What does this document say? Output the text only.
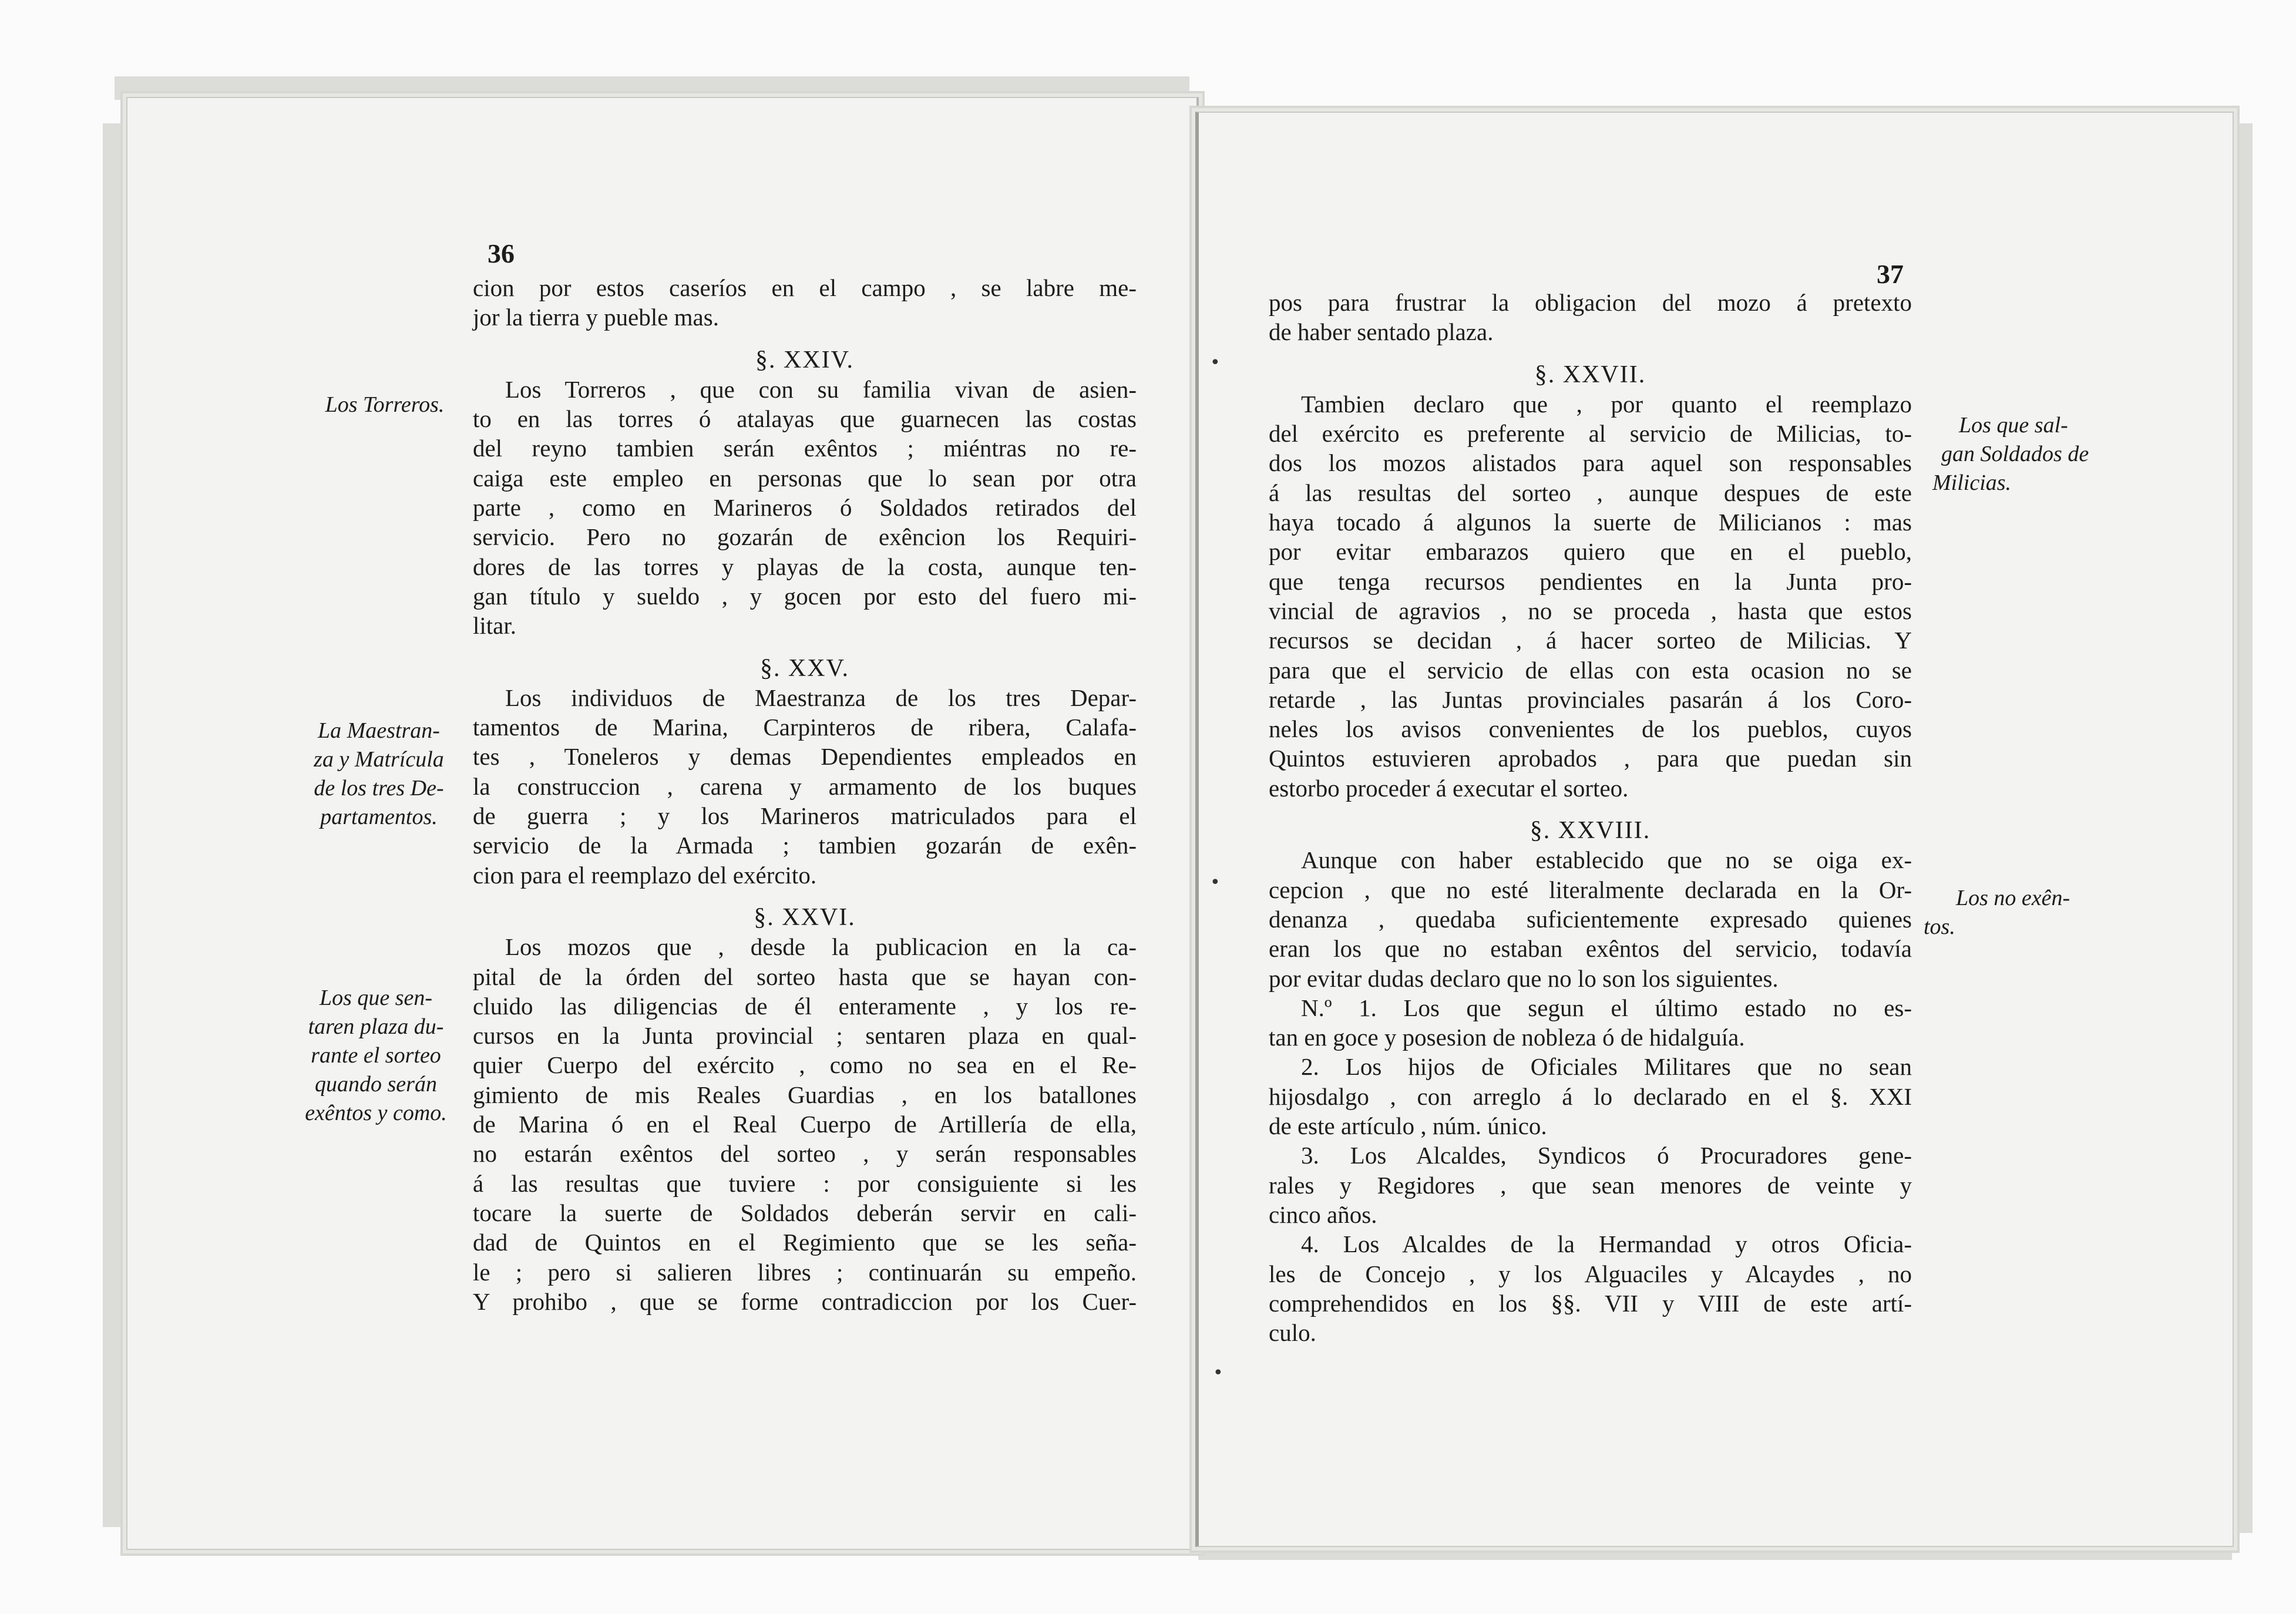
36
37
Los Torreros.
La Maestran-
za y Matrícula
de los tres De-
partamentos.
Los que sen-
taren plaza du-
rante el sorteo
quando serán
exêntos y como.
Los que sal-
gan Soldados de
Milicias.
Los no exên-
tos.
cion por estos caseríos en el campo , se labre me-
jor la tierra y pueble mas.
§. XXIV.
Los Torreros , que con su familia vivan de asien-
to en las torres ó atalayas que guarnecen las costas
del reyno tambien serán exêntos ; miéntras no re-
caiga este empleo en personas que lo sean por otra
parte , como en Marineros ó Soldados retirados del
servicio. Pero no gozarán de exêncion los Requiri-
dores de las torres y playas de la costa, aunque ten-
gan título y sueldo , y gocen por esto del fuero mi-
litar.
§. XXV.
Los individuos de Maestranza de los tres Depar-
tamentos de Marina, Carpinteros de ribera, Calafa-
tes , Toneleros y demas Dependientes empleados en
la construccion , carena y armamento de los buques
de guerra ; y los Marineros matriculados para el
servicio de la Armada ; tambien gozarán de exên-
cion para el reemplazo del exército.
§. XXVI.
Los mozos que , desde la publicacion en la ca-
pital de la órden del sorteo hasta que se hayan con-
cluido las diligencias de él enteramente , y los re-
cursos en la Junta provincial ; sentaren plaza en qual-
quier Cuerpo del exército , como no sea en el Re-
gimiento de mis Reales Guardias , en los batallones
de Marina ó en el Real Cuerpo de Artillería de ella,
no estarán exêntos del sorteo , y serán responsables
á las resultas que tuviere : por consiguiente si les
tocare la suerte de Soldados deberán servir en cali-
dad de Quintos en el Regimiento que se les seña-
le ; pero si salieren libres ; continuarán su empeño.
Y prohibo , que se forme contradiccion por los Cuer-
pos para frustrar la obligacion del mozo á pretexto
de haber sentado plaza.
§. XXVII.
Tambien declaro que , por quanto el reemplazo
del exército es preferente al servicio de Milicias, to-
dos los mozos alistados para aquel son responsables
á las resultas del sorteo , aunque despues de este
haya tocado á algunos la suerte de Milicianos : mas
por evitar embarazos quiero que en el pueblo,
que tenga recursos pendientes en la Junta pro-
vincial de agravios , no se proceda , hasta que estos
recursos se decidan , á hacer sorteo de Milicias. Y
para que el servicio de ellas con esta ocasion no se
retarde , las Juntas provinciales pasarán á los Coro-
neles los avisos convenientes de los pueblos, cuyos
Quintos estuvieren aprobados , para que puedan sin
estorbo proceder á executar el sorteo.
§. XXVIII.
Aunque con haber establecido que no se oiga ex-
cepcion , que no esté literalmente declarada en la Or-
denanza , quedaba suficientemente expresado quienes
eran los que no estaban exêntos del servicio, todavía
por evitar dudas declaro que no lo son los siguientes.
N.º 1. Los que segun el último estado no es-
tan en goce y posesion de nobleza ó de hidalguía.
2. Los hijos de Oficiales Militares que no sean
hijosdalgo , con arreglo á lo declarado en el §. XXI
de este artículo , núm. único.
3. Los Alcaldes, Syndicos ó Procuradores gene-
rales y Regidores , que sean menores de veinte y
cinco años.
4. Los Alcaldes de la Hermandad y otros Oficia-
les de Concejo , y los Alguaciles y Alcaydes , no
comprehendidos en los §§. VII y VIII de este artí-
culo.
•
•
•
